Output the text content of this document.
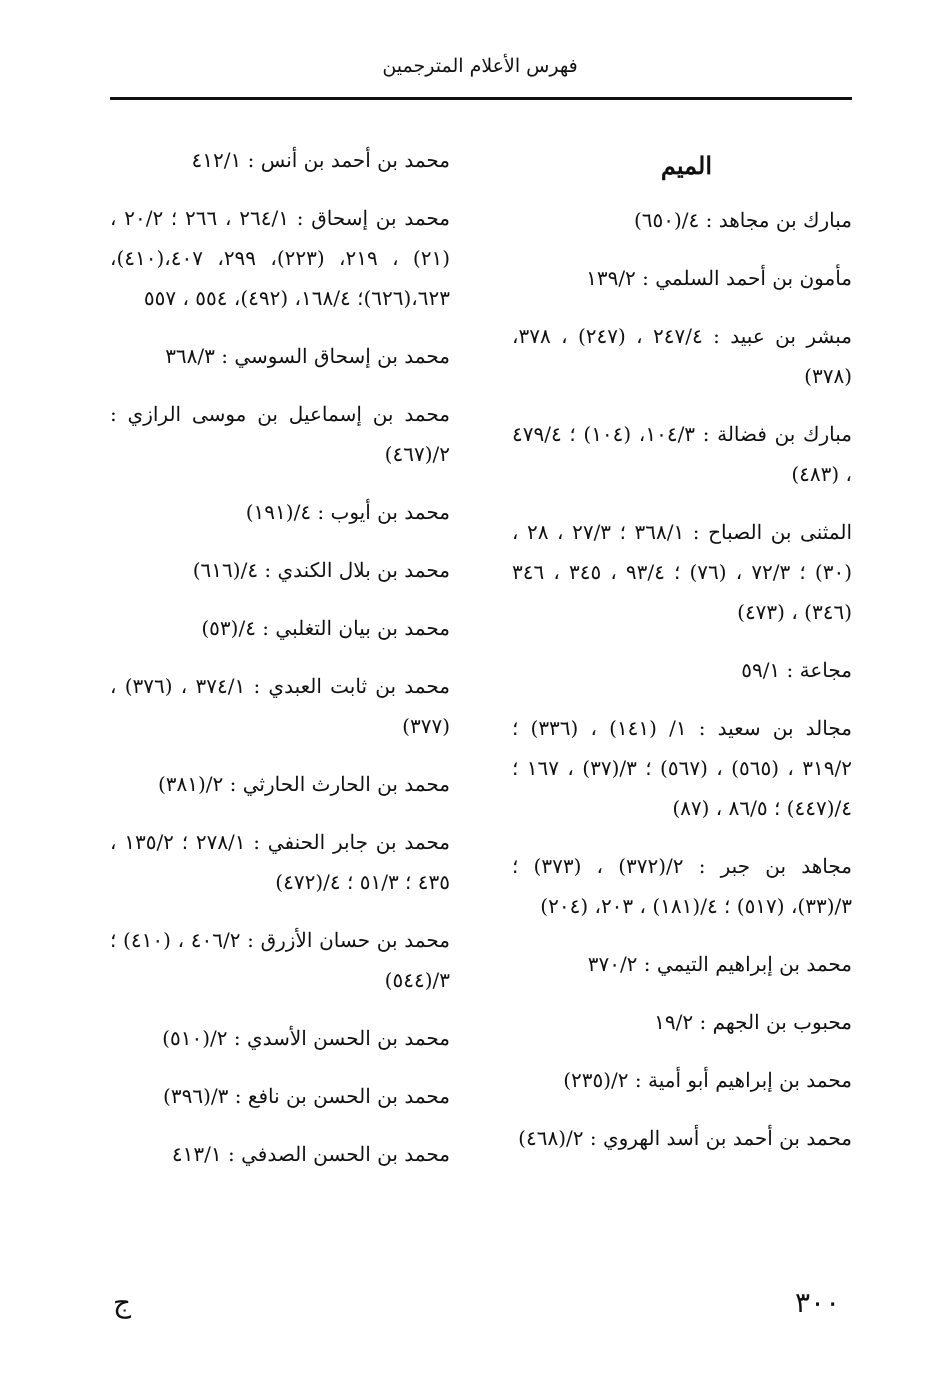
فهرس الأعلام المترجمين
الميم
مبارك بن مجاهد : ٤/(٦٥٠)
مأمون بن أحمد السلمي : ١٣٩/٢
مبشر بن عبيد : ٢٤٧/٤ ، (٢٤٧) ، ٣٧٨، (٣٧٨)
مبارك بن فضالة : ١٠٤/٣، (١٠٤) ؛ ٤٧٩/٤ ، (٤٨٣)
المثنى بن الصباح : ٣٦٨/١ ؛ ٢٧/٣ ، ٢٨ ، (٣٠) ؛ ٧٢/٣ ، (٧٦) ؛ ٩٣/٤ ، ٣٤٥ ، ٣٤٦ (٣٤٦) ، (٤٧٣)
مجاعة : ٥٩/١
مجالد بن سعيد : ١/ (١٤١) ، (٣٣٦) ؛ ٣١٩/٢ ، (٥٦٥) ، (٥٦٧) ؛ ٣/(٣٧) ، ١٦٧ ؛ ٤/(٤٤٧) ؛ ٨٦/٥ ، (٨٧)
مجاهد بن جبر : ٢/(٣٧٢) ، (٣٧٣) ؛ ٣/(٣٣)، (٥١٧) ؛ ٤/(١٨١) ، ٢٠٣، (٢٠٤)
محمد بن إبراهيم التيمي : ٣٧٠/٢
محبوب بن الجهم : ١٩/٢
محمد بن إبراهيم أبو أمية : ٢/(٢٣٥)
محمد بن أحمد بن أسد الهروي : ٢/(٤٦٨)
محمد بن أحمد بن أنس : ٤١٢/١
محمد بن إسحاق : ٢٦٤/١ ، ٢٦٦ ؛ ٢٠/٢ ، (٢١) ، ٢١٩، (٢٢٣)، ٢٩٩، ٤٠٧،(٤١٠)، ٦٢٣،(٦٢٦)؛ ١٦٨/٤، (٤٩٢)، ٥٥٤ ، ٥٥٧
محمد بن إسحاق السوسي : ٣٦٨/٣
محمد بن إسماعيل بن موسى الرازي : ٢/(٤٦٧)
محمد بن أيوب : ٤/(١٩١)
محمد بن بلال الكندي : ٤/(٦١٦)
محمد بن بيان التغلبي : ٤/(٥٣)
محمد بن ثابت العبدي : ٣٧٤/١ ، (٣٧٦) ، (٣٧٧)
محمد بن الحارث الحارثي : ٢/(٣٨١)
محمد بن جابر الحنفي : ٢٧٨/١ ؛ ١٣٥/٢ ، ٤٣٥ ؛ ٥١/٣ ؛ ٤/(٤٧٢)
محمد بن حسان الأزرق : ٤٠٦/٢ ، (٤١٠) ؛ ٣/(٥٤٤)
محمد بن الحسن الأسدي : ٢/(٥١٠)
محمد بن الحسن بن نافع : ٣/(٣٩٦)
محمد بن الحسن الصدفي : ٤١٣/١
٣٠٠
ج
